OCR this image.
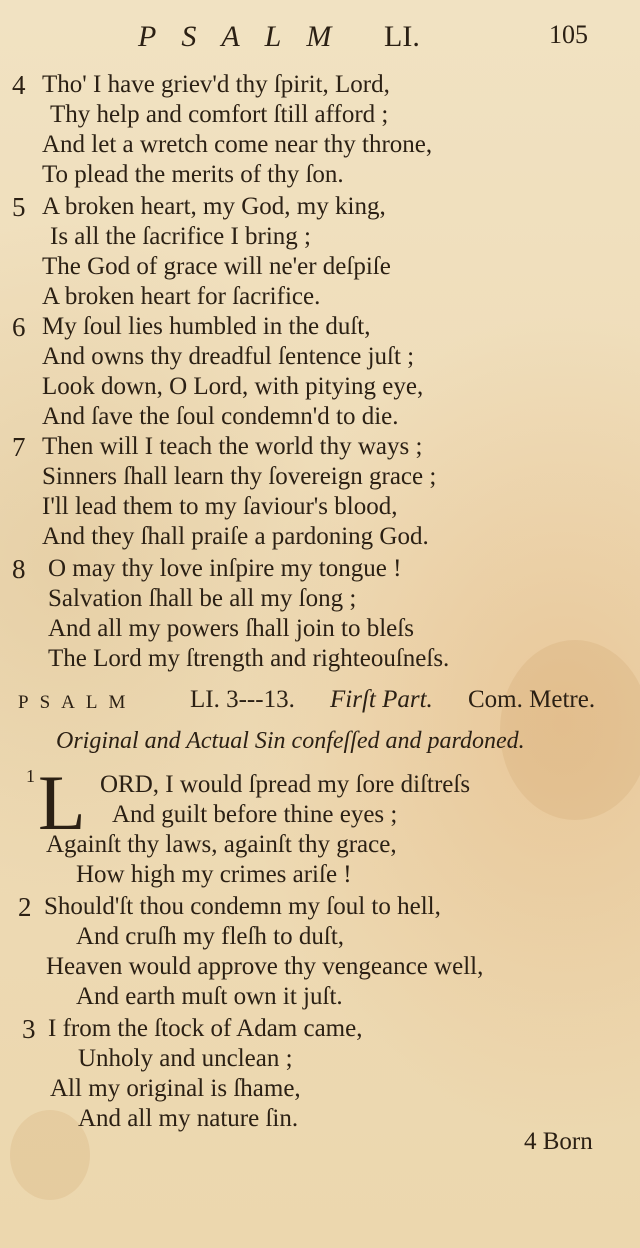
PSALM LI.	105
4 Tho' I have griev'd thy ſpirit, Lord,
Thy help and comfort ſtill afford ;
And let a wretch come near thy throne,
To plead the merits of thy ſon.
5 A broken heart, my God, my king,
Is all the ſacrifice I bring ;
The God of grace will ne'er deſpiſe
A broken heart for ſacrifice.
6 My ſoul lies humbled in the duſt,
And owns thy dreadful ſentence juſt ;
Look down, O Lord, with pitying eye,
And ſave the ſoul condemn'd to die.
7 Then will I teach the world thy ways ;
Sinners ſhall learn thy ſovereign grace ;
I'll lead them to my ſaviour's blood,
And they ſhall praiſe a pardoning God.
8 O may thy love inſpire my tongue !
Salvation ſhall be all my ſong ;
And all my powers ſhall join to bleſs
The Lord my ſtrength and righteouſneſs.
PSALM LI. 3---13. Firſt Part. Com. Metre.
Original and Actual Sin confeſſed and pardoned.
1 L ORD, I would ſpread my ſore diſtreſs
And guilt before thine eyes ;
Againſt thy laws, againſt thy grace,
How high my crimes ariſe !
2 Should'ſt thou condemn my ſoul to hell,
And cruſh my fleſh to duſt,
Heaven would approve thy vengeance well,
And earth muſt own it juſt.
3 I from the ſtock of Adam came,
Unholy and unclean ;
All my original is ſhame,
And all my nature ſin.
4 Born
